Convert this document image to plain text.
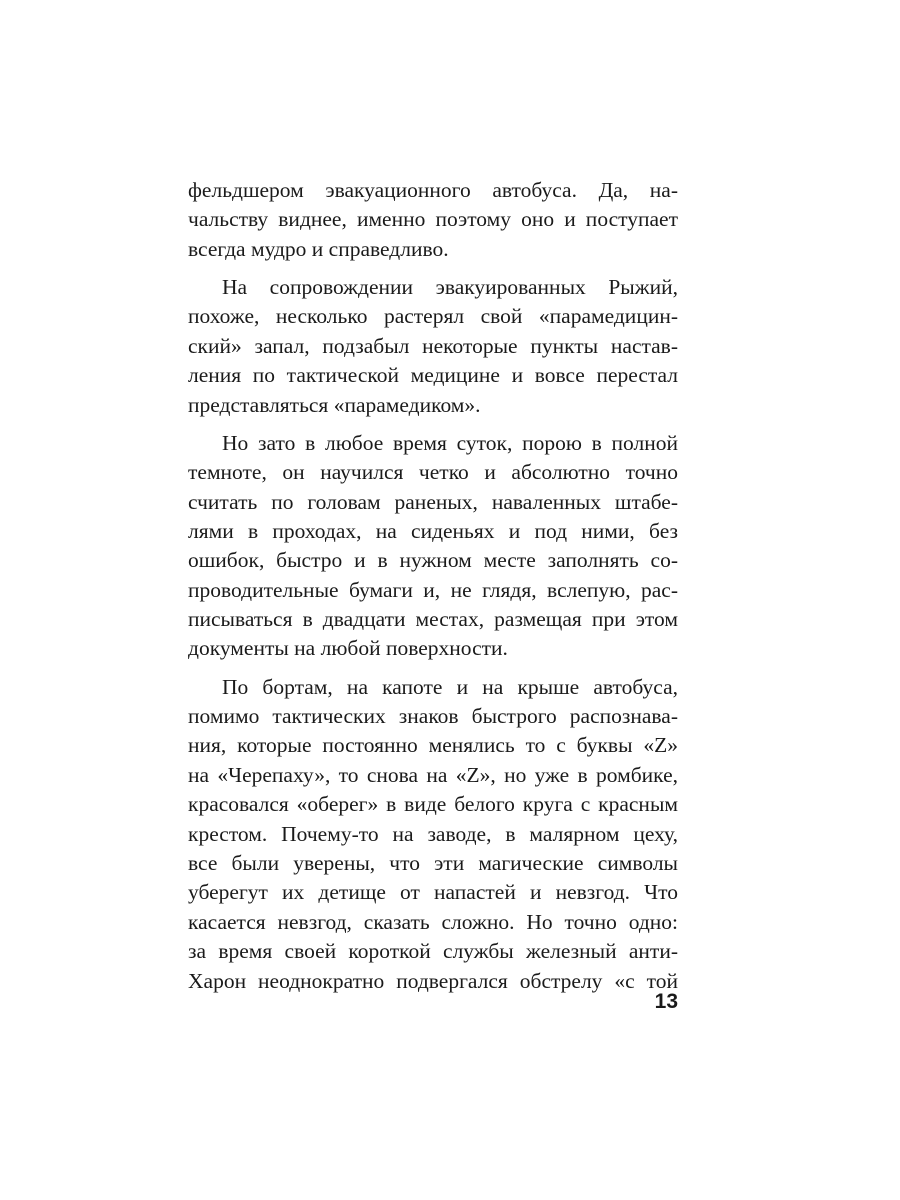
фельдшером эвакуационного автобуса. Да, на-
чальству виднее, именно поэтому оно и поступает
всегда мудро и справедливо.
На сопровождении эвакуированных Рыжий,
похоже, несколько растерял свой «парамедицин-
ский» запал, подзабыл некоторые пункты настав-
ления по тактической медицине и вовсе перестал
представляться «парамедиком».
Но зато в любое время суток, порою в полной
темноте, он научился четко и абсолютно точно
считать по головам раненых, наваленных штабе-
лями в проходах, на сиденьях и под ними, без
ошибок, быстро и в нужном месте заполнять со-
проводительные бумаги и, не глядя, вслепую, рас-
писываться в двадцати местах, размещая при этом
документы на любой поверхности.
По бортам, на капоте и на крыше автобуса,
помимо тактических знаков быстрого распознава-
ния, которые постоянно менялись то с буквы «Z»
на «Черепаху», то снова на «Z», но уже в ромбике,
красовался «оберег» в виде белого круга с красным
крестом. Почему-то на заводе, в малярном цеху,
все были уверены, что эти магические символы
уберегут их детище от напастей и невзгод. Что
касается невзгод, сказать сложно. Но точно одно:
за время своей короткой службы железный анти-
Харон неоднократно подвергался обстрелу «с той
13
